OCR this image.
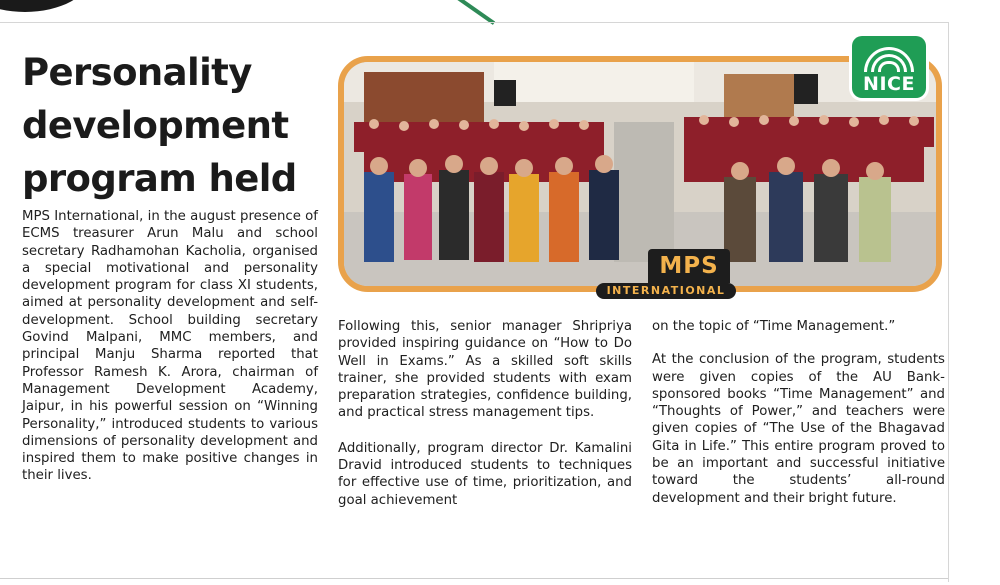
Personality development program held

MPS International, in the august presence of ECMS treasurer Arun Malu and school secretary Radhamohan Kacholia, organised a special motivational and personality development program for class XI students, aimed at personality development and self-development. School building secretary Govind Malpani, MMC members, and principal Manju Sharma reported that Professor Ramesh K. Arora, chairman of Management Development Academy, Jaipur, in his powerful session on “Winning Personality,” introduced students to various dimensions of personality development and inspired them to make positive changes in their lives.

NICE
MPS
INTERNATIONAL

Following this, senior manager Shripriya provided inspiring guidance on “How to Do Well in Exams.” As a skilled soft skills trainer, she provided students with exam preparation strategies, confidence building, and practical stress management tips.

Additionally, program director Dr. Kamalini Dravid introduced students to techniques for effective use of time, prioritization, and goal achievement

on the topic of “Time Management.”

At the conclusion of the program, students were given copies of the AU Bank-sponsored books “Time Management” and “Thoughts of Power,” and teachers were given copies of “The Use of the Bhagavad Gita in Life.” This entire program proved to be an important and successful initiative toward the students’ all-round development and their bright future.
